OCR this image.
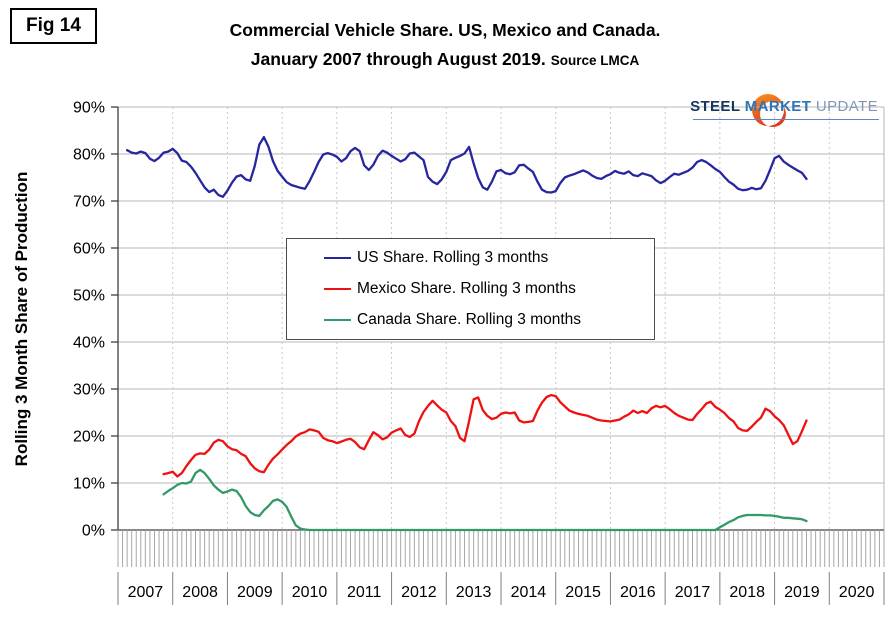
Fig 14	Commercial Vehicle Share. US, Mexico and Canada.
January 2007 through August 2019. Source LMCA
STEEL MARKET UPDATE
Rolling 3 Month Share of Production
2007 2008 2009 2010 2011 2012 2013 2014 2015 2016 2017 2018 2019 2020
0%
10%
20%
30%
40%
50%
60%
70%
80%
90%
US Share. Rolling 3 months
Mexico Share. Rolling 3 months
Canada Share. Rolling 3 months
